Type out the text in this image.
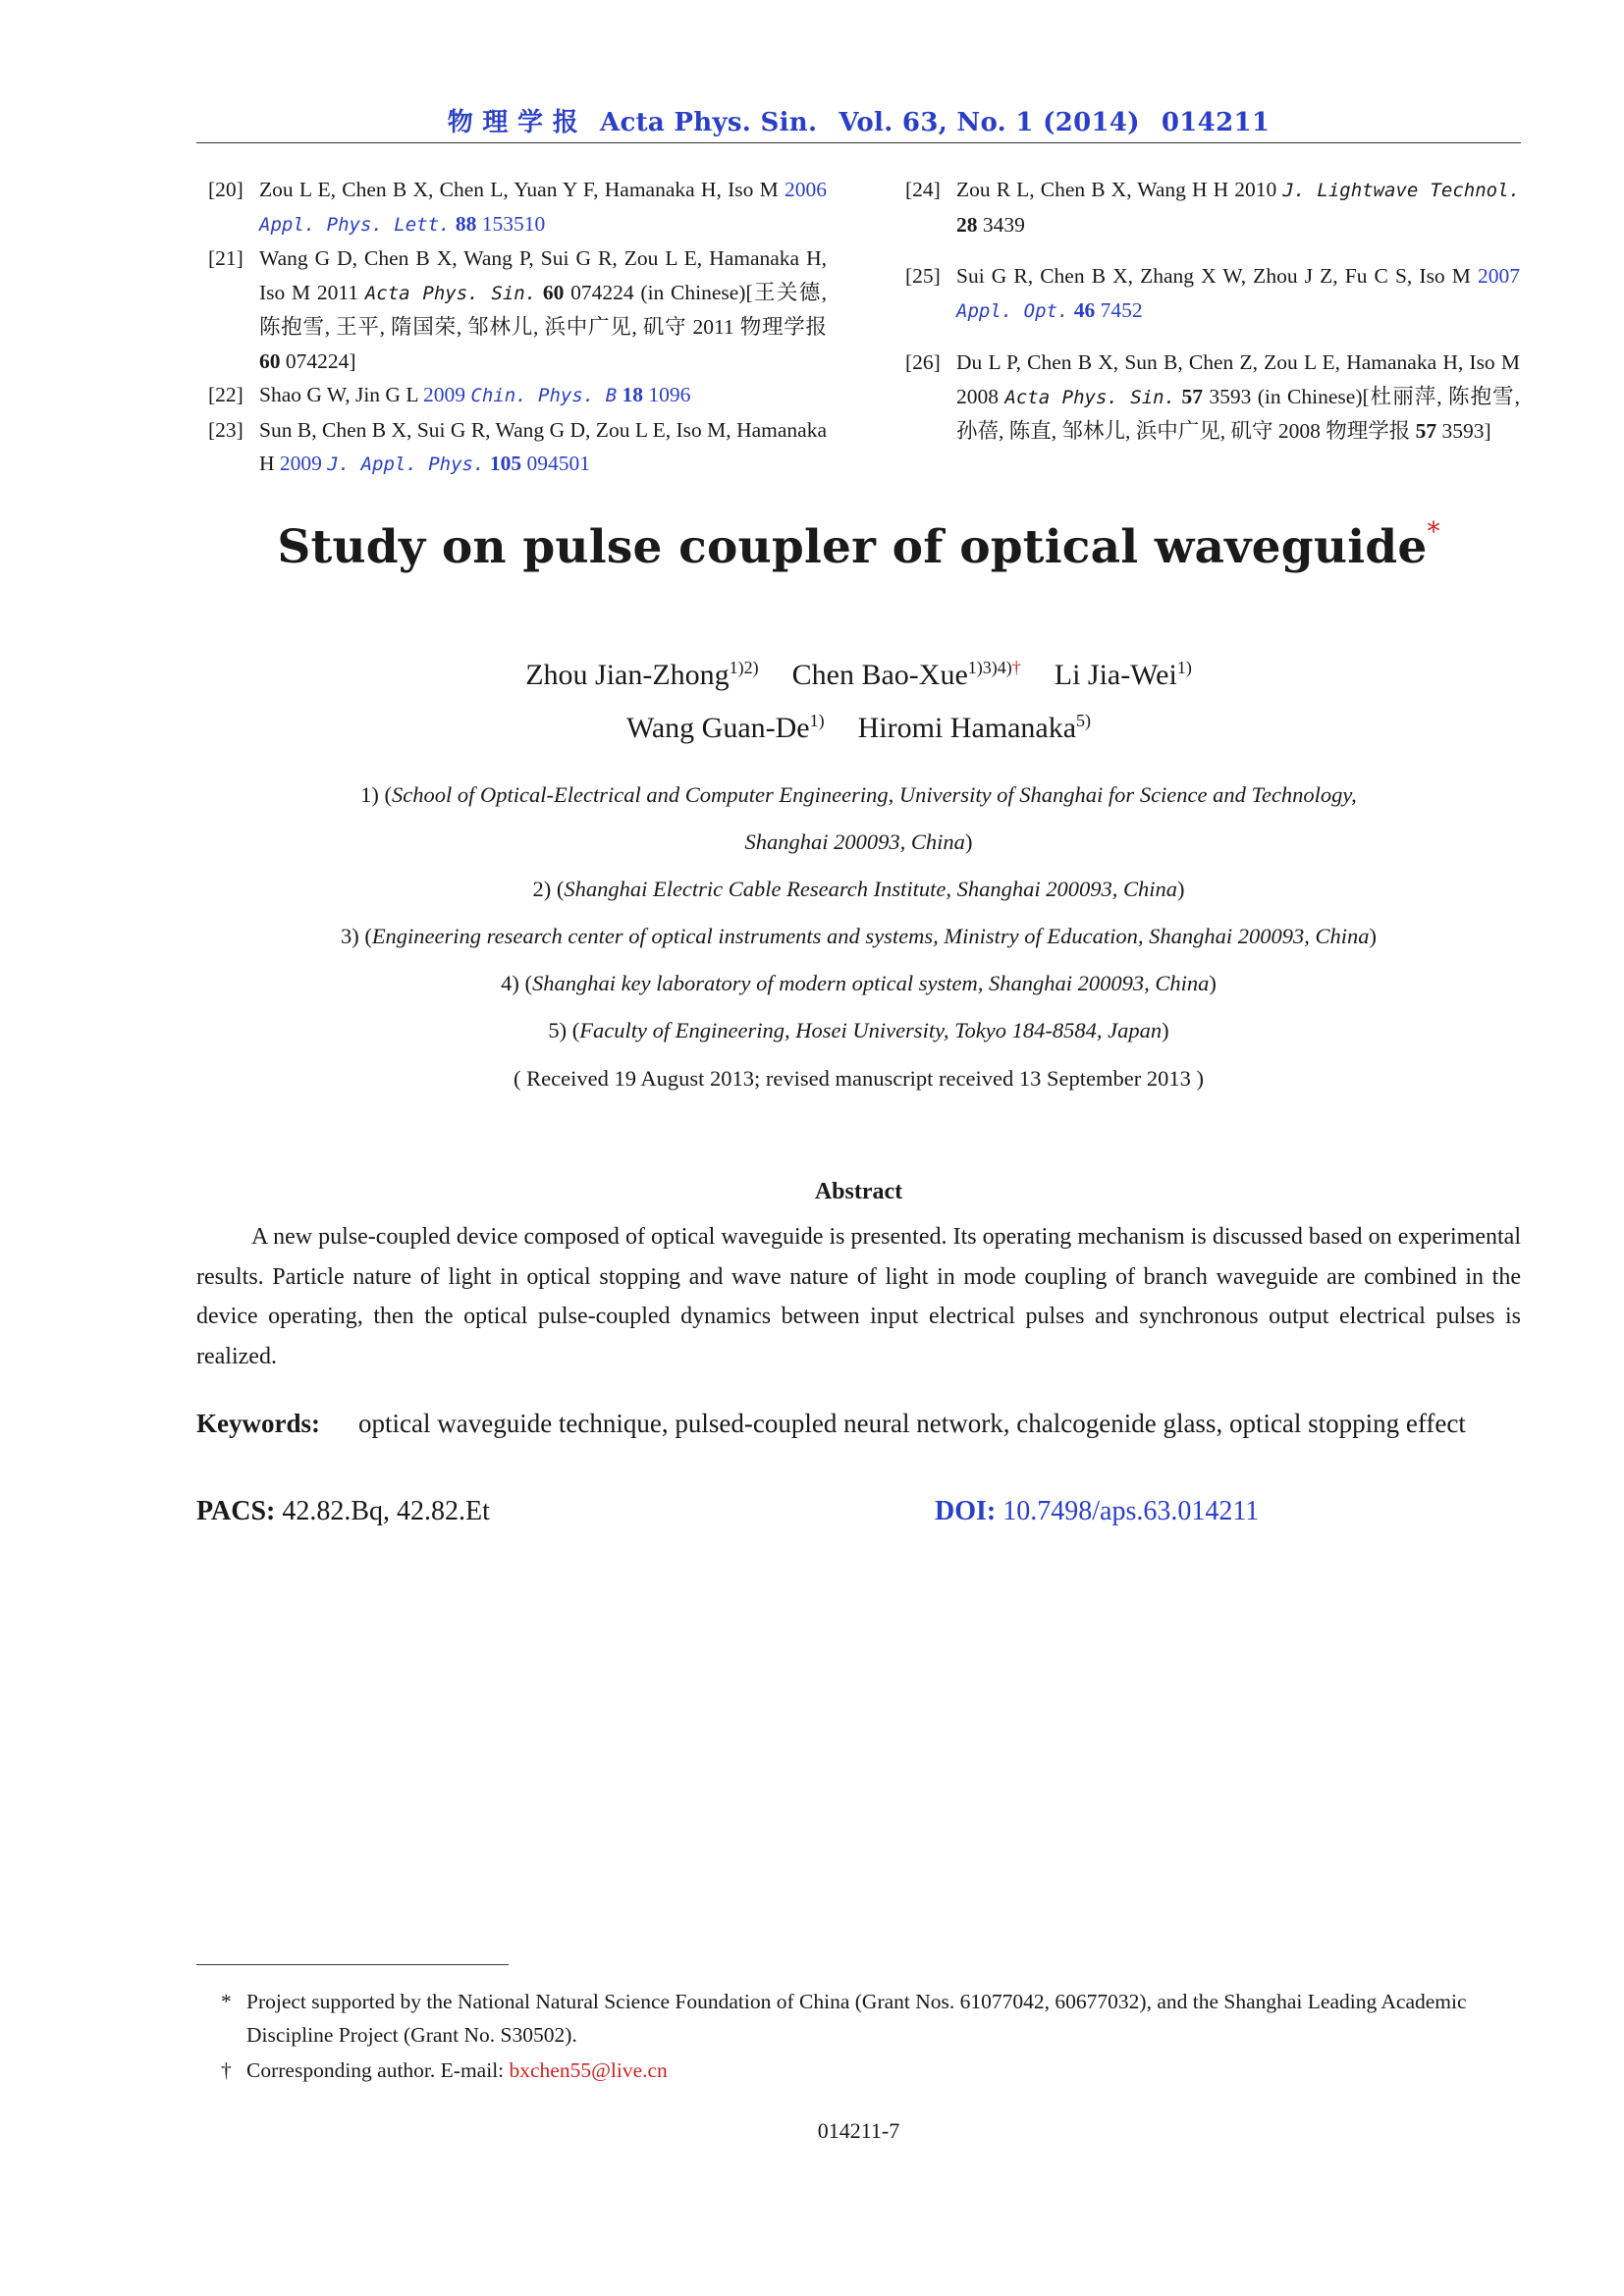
物 理 学 报 Acta Phys. Sin. Vol. 63, No. 1 (2014) 014211
[20] Zou L E, Chen B X, Chen L, Yuan Y F, Hamanaka H, Iso M 2006 Appl. Phys. Lett. 88 153510
[21] Wang G D, Chen B X, Wang P, Sui G R, Zou L E, Hamanaka H, Iso M 2011 Acta Phys. Sin. 60 074224 (in Chinese)[王关德, 陈抱雪, 王平, 隋国荣, 邹林儿, 浜中广见, 矶守 2011 物理学报 60 074224]
[22] Shao G W, Jin G L 2009 Chin. Phys. B 18 1096
[23] Sun B, Chen B X, Sui G R, Wang G D, Zou L E, Iso M, Hamanaka H 2009 J. Appl. Phys. 105 094501
[24] Zou R L, Chen B X, Wang H H 2010 J. Lightwave Technol. 28 3439
[25] Sui G R, Chen B X, Zhang X W, Zhou J Z, Fu C S, Iso M 2007 Appl. Opt. 46 7452
[26] Du L P, Chen B X, Sun B, Chen Z, Zou L E, Hamanaka H, Iso M 2008 Acta Phys. Sin. 57 3593 (in Chinese)[杜丽萍, 陈抱雪, 孙蓓, 陈直, 邹林儿, 浜中广见, 矶守 2008 物理学报 57 3593]
Study on pulse coupler of optical waveguide*
Zhou Jian-Zhong$^{1)2)}$ Chen Bao-Xue$^{1)3)4)\dagger}$ Li Jia-Wei$^{1)}$
Wang Guan-De$^{1)}$ Hiromi Hamanaka$^{5)}$
1) (School of Optical-Electrical and Computer Engineering, University of Shanghai for Science and Technology,
Shanghai 200093, China)
2) (Shanghai Electric Cable Research Institute, Shanghai 200093, China)
3) (Engineering research center of optical instruments and systems, Ministry of Education, Shanghai 200093, China)
4) (Shanghai key laboratory of modern optical system, Shanghai 200093, China)
5) (Faculty of Engineering, Hosei University, Tokyo 184-8584, Japan)
( Received 19 August 2013; revised manuscript received 13 September 2013 )
Abstract
A new pulse-coupled device composed of optical waveguide is presented. Its operating mechanism is discussed based on experimental results. Particle nature of light in optical stopping and wave nature of light in mode coupling of branch waveguide are combined in the device operating, then the optical pulse-coupled dynamics between input electrical pulses and synchronous output electrical pulses is realized.
Keywords: optical waveguide technique, pulsed-coupled neural network, chalcogenide glass, optical stopping effect
PACS: 42.82.Bq, 42.82.Et	DOI: 10.7498/aps.63.014211
* Project supported by the National Natural Science Foundation of China (Grant Nos. 61077042, 60677032), and the Shanghai Leading Academic Discipline Project (Grant No. S30502).
† Corresponding author. E-mail: bxchen55@live.cn
014211-7
